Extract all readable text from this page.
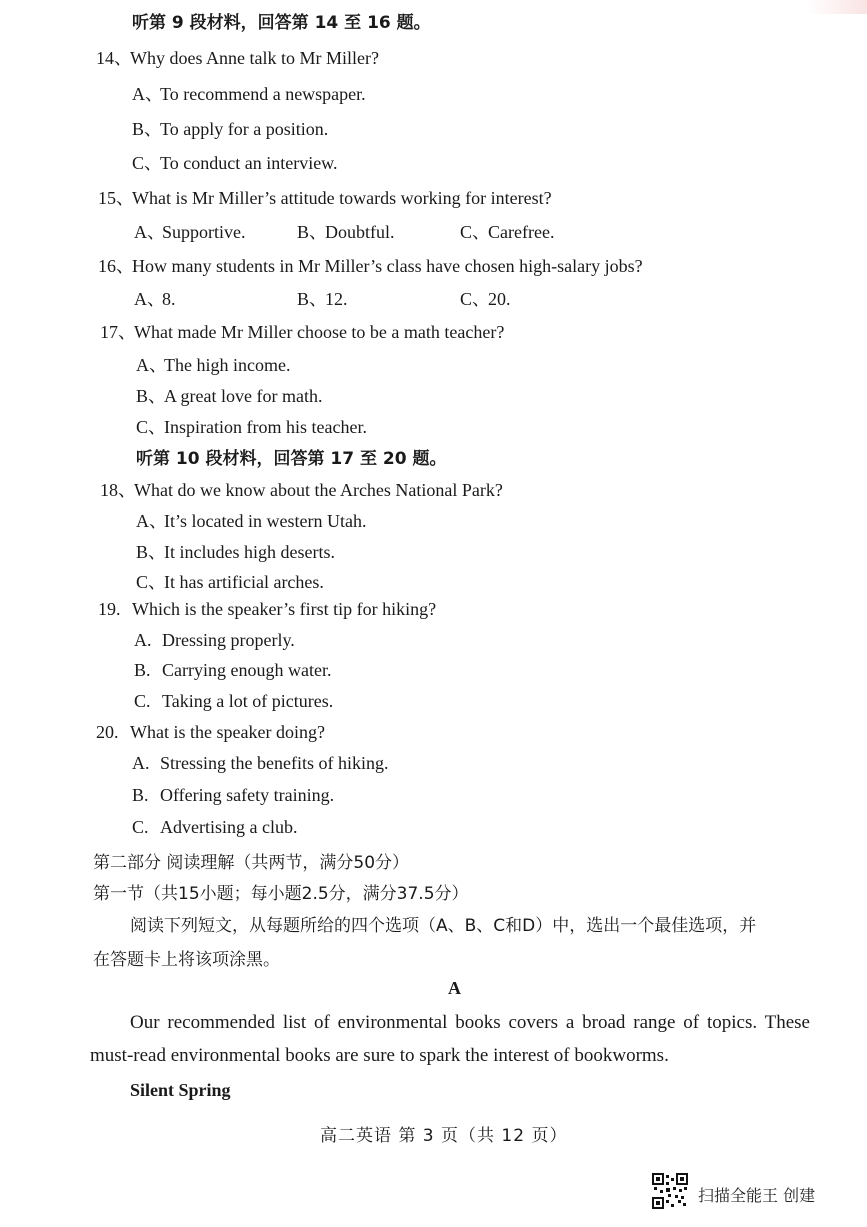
听第 9 段材料，回答第 14 至 16 题。
14、Why does Anne talk to Mr Miller?
A、To recommend a newspaper.
B、To apply for a position.
C、To conduct an interview.
15、What is Mr Miller’s attitude towards working for interest?
A、Supportive.	B、Doubtful.	C、Carefree.
16、How many students in Mr Miller’s class have chosen high-salary jobs?
A、8.	B、12.	C、20.
17、What made Mr Miller choose to be a math teacher?
A、The high income.
B、A great love for math.
C、Inspiration from his teacher.
听第 10 段材料，回答第 17 至 20 题。
18、What do we know about the Arches National Park?
A、It’s located in western Utah.
B、It includes high deserts.
C、It has artificial arches.
19. Which is the speaker’s first tip for hiking?
A. Dressing properly.
B. Carrying enough water.
C. Taking a lot of pictures.
20. What is the speaker doing?
A. Stressing the benefits of hiking.
B. Offering safety training.
C. Advertising a club.
第二部分 阅读理解（共两节，满分50分）
第一节（共15小题；每小题2.5分，满分37.5分）
阅读下列短文，从每题所给的四个选项（A、B、C和D）中，选出一个最佳选项，并
在答题卡上将该项涂黑。
A
Our recommended list of environmental books covers a broad range of topics. These
must-read environmental books are sure to spark the interest of bookworms.
Silent Spring
高二英语 第 3 页（共 12 页）
扫描全能王 创建
